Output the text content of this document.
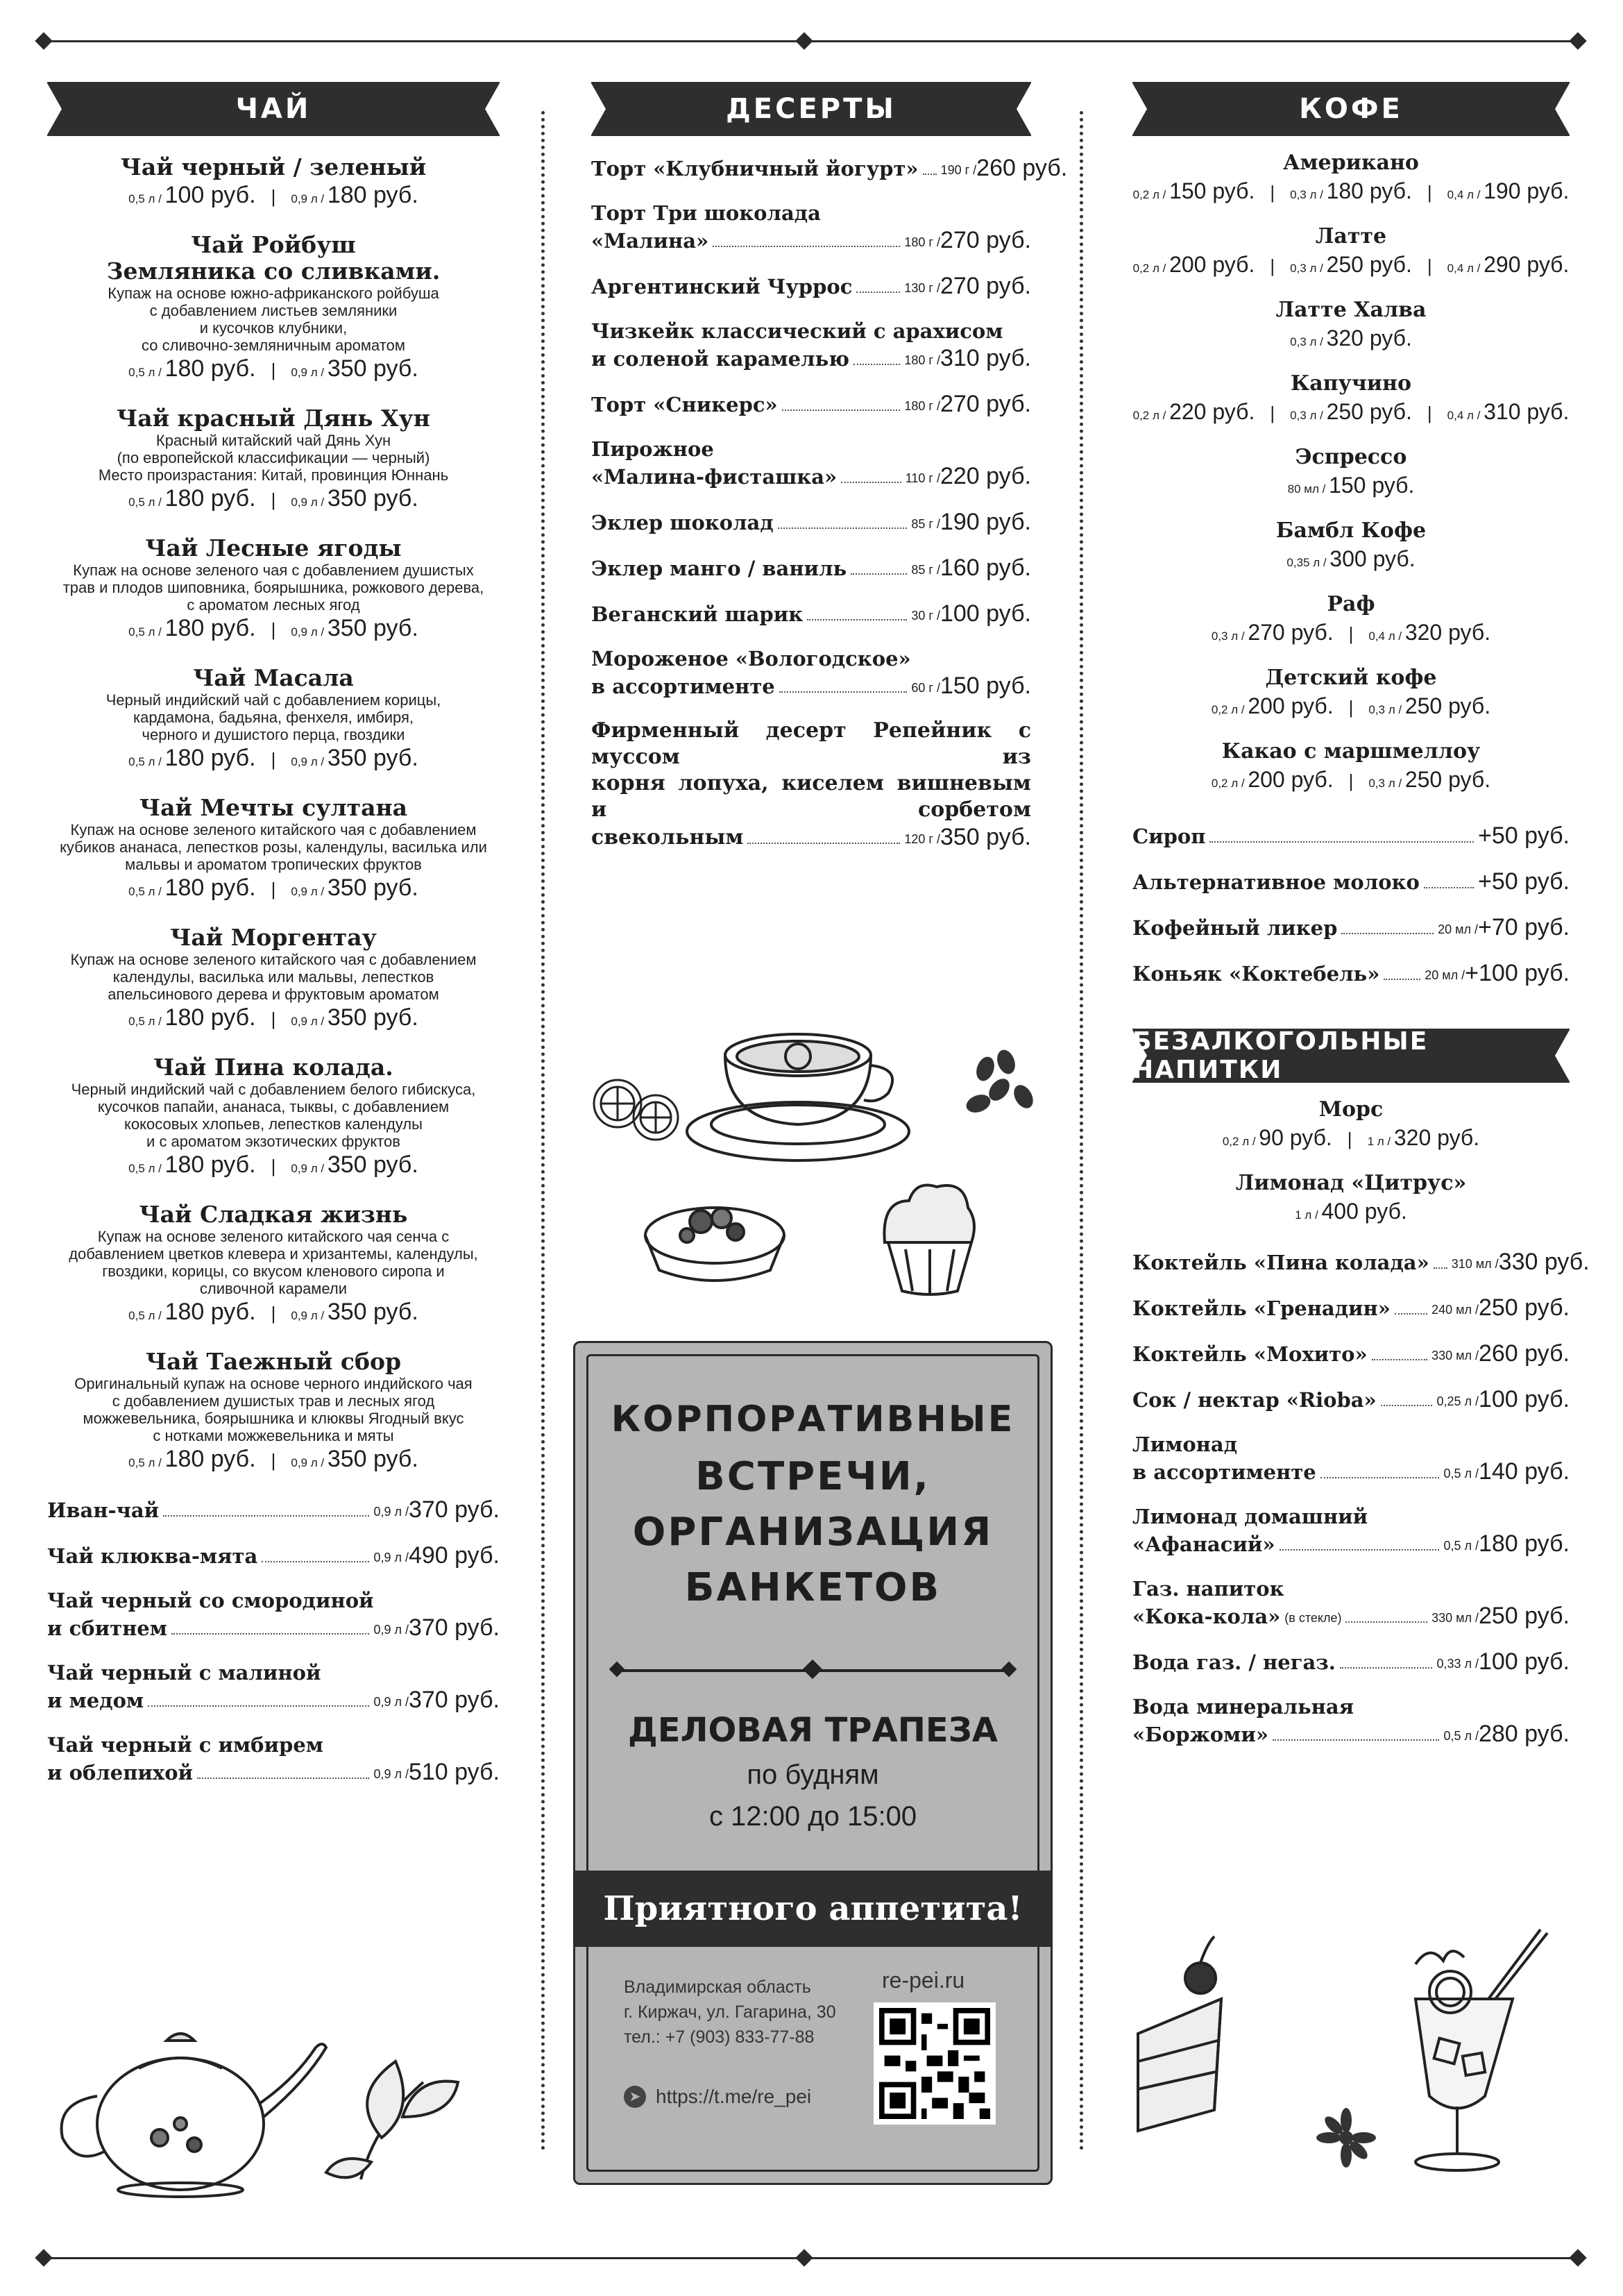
ЧАЙ
Чай черный / зеленый
0,5 л / 100 руб. | 0,9 л / 180 руб.
Чай Ройбуш
Земляника со сливками.
Купаж на основе южно-африканского ройбуша
с добавлением листьев земляники
и кусочков клубники,
со сливочно-земляничным ароматом
0,5 л / 180 руб. | 0,9 л / 350 руб.
Чай красный Дянь Хун
Красный китайский чай Дянь Хун
(по европейской классификации — черный)
Место произрастания: Китай, провинция Юннань
0,5 л / 180 руб. | 0,9 л / 350 руб.
Чай Лесные ягоды
Купаж на основе зеленого чая с добавлением душистых
трав и плодов шиповника, боярышника, рожкового дерева,
с ароматом лесных ягод
0,5 л / 180 руб. | 0,9 л / 350 руб.
Чай Масала
Черный индийский чай с добавлением корицы,
кардамона, бадьяна, фенхеля, имбиря,
черного и душистого перца, гвоздики
0,5 л / 180 руб. | 0,9 л / 350 руб.
Чай Мечты султана
Купаж на основе зеленого китайского чая с добавлением
кубиков ананаса, лепестков розы, календулы, василька или
мальвы и ароматом тропических фруктов
0,5 л / 180 руб. | 0,9 л / 350 руб.
Чай Моргентау
Купаж на основе зеленого китайского чая с добавлением
календулы, василька или мальвы, лепестков
апельсинового дерева и фруктовым ароматом
0,5 л / 180 руб. | 0,9 л / 350 руб.
Чай Пина колада.
Черный индийский чай с добавлением белого гибискуса,
кусочков папайи, ананаса, тыквы, с добавлением
кокосовых хлопьев, лепестков календулы
и с ароматом экзотических фруктов
0,5 л / 180 руб. | 0,9 л / 350 руб.
Чай Сладкая жизнь
Купаж на основе зеленого китайского чая сенча с
добавлением цветков клевера и хризантемы, календулы,
гвоздики, корицы, со вкусом кленового сиропа и
сливочной карамели
0,5 л / 180 руб. | 0,9 л / 350 руб.
Чай Таежный сбор
Оригинальный купаж на основе черного индийского чая
с добавлением душистых трав и лесных ягод
можжевельника, боярышника и клюквы Ягодный вкус
с нотками можжевельника и мяты
0,5 л / 180 руб. | 0,9 л / 350 руб.
Иван-чай	0,9 л / 370 руб.
Чай клюква-мята	0,9 л / 490 руб.
Чай черный со смородиной
и сбитнем	0,9 л / 370 руб.
Чай черный с малиной
и медом	0,9 л / 370 руб.
Чай черный с имбирем
и облепихой	0,9 л / 510 руб.
ДЕСЕРТЫ
Торт «Клубничный йогурт» 190 г / 260 руб.
Торт Три шоколада
«Малина»	180 г / 270 руб.
Аргентинский Чуррос	130 г / 270 руб.
Чизкейк классический с арахисом
и соленой карамелью	180 г / 310 руб.
Торт «Сникерс»	180 г / 270 руб.
Пирожное
«Малина-фисташка»	110 г / 220 руб.
Эклер шоколад	85 г / 190 руб.
Эклер манго / ваниль	85 г / 160 руб.
Веганский шарик	30 г / 100 руб.
Мороженое «Вологодское»
в ассортименте	60 г / 150 руб.
Фирменный десерт Репейник с муссом из
корня лопуха, киселем вишневым и сорбетом
свекольным	120 г / 350 руб.
КОРПОРАТИВНЫЕ
ВСТРЕЧИ,
ОРГАНИЗАЦИЯ
БАНКЕТОВ
ДЕЛОВАЯ ТРАПЕЗА
по будням
с 12:00 до 15:00
Приятного аппетита!
Владимирская область
г. Киржач, ул. Гагарина, 30
тел.: +7 (903) 833-77-88
re-pei.ru
➤ https://t.me/re_pei
КОФЕ
Американо
0,2 л / 150 руб. | 0,3 л / 180 руб. | 0,4 л / 190 руб.
Латте
0,2 л / 200 руб. | 0,3 л / 250 руб. | 0,4 л / 290 руб.
Латте Халва
0,3 л / 320 руб.
Капучино
0,2 л / 220 руб. | 0,3 л / 250 руб. | 0,4 л / 310 руб.
Эспрессо
80 мл / 150 руб.
Бамбл Кофе
0,35 л / 300 руб.
Раф
0,3 л / 270 руб. | 0,4 л / 320 руб.
Детский кофе
0,2 л / 200 руб. | 0,3 л / 250 руб.
Какао с маршмеллоу
0,2 л / 200 руб. | 0,3 л / 250 руб.
Сироп	+50 руб.
Альтернативное молоко +50 руб.
Кофейный ликер	20 мл / +70 руб.
Коньяк «Коктебель»	20 мл / +100 руб.
БЕЗАЛКОГОЛЬНЫЕ НАПИТКИ
Морс
0,2 л / 90 руб. | 1 л / 320 руб.
Лимонад «Цитрус»
1 л / 400 руб.
Коктейль «Пина колада» 310 мл / 330 руб.
Коктейль «Гренадин»	240 мл / 250 руб.
Коктейль «Мохито»	330 мл / 260 руб.
Сок / нектар «Rioba»	0,25 л / 100 руб.
Лимонад
в ассортименте	0,5 л / 140 руб.
Лимонад домашний
«Афанасий»	0,5 л / 180 руб.
Газ. напиток
«Кока-кола» (в стекле)	330 мл / 250 руб.
Вода газ. / негаз.	0,33 л / 100 руб.
Вода минеральная
«Боржоми»	0,5 л / 280 руб.
